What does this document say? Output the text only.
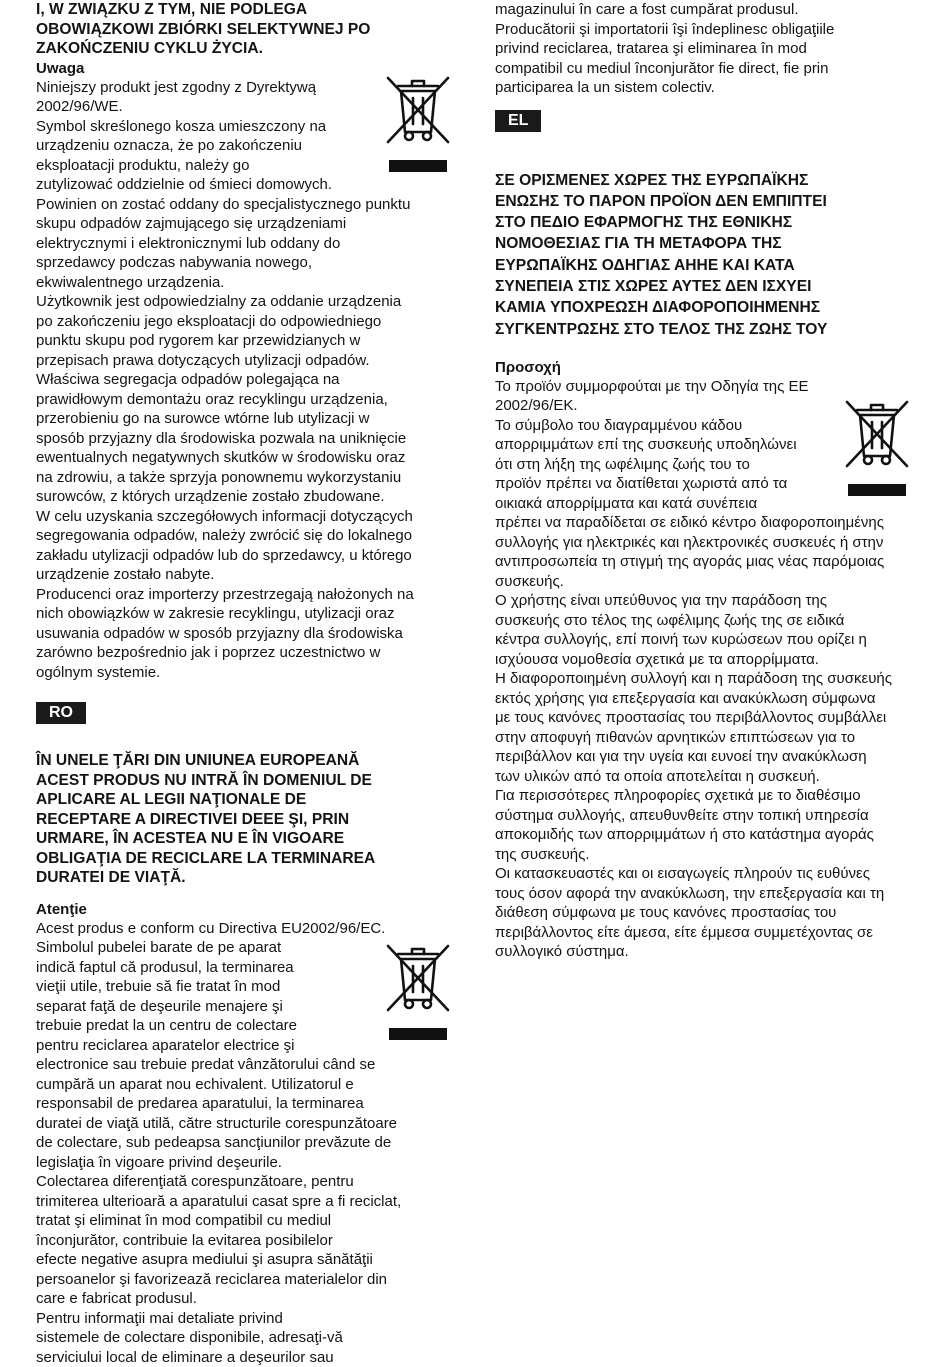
I, W ZWIĄZKU Z TYM, NIE PODLEGA

OBOWIĄZKOWI ZBIÓRKI SELEKTYWNEJ PO

ZAKOŃCZENIU CYKLU ŻYCIA.

Uwaga

Niniejszy produkt jest zgodny z Dyrektywą

2002/96/WE.

Symbol skreślonego kosza umieszczony na

urządzeniu oznacza, że po zakończeniu

eksploatacji produktu, należy go

zutylizować oddzielnie od śmieci domowych.

Powinien on zostać oddany do specjalistycznego punktu

skupu odpadów zajmującego się urządzeniami

elektrycznymi i elektronicznymi lub oddany do

sprzedawcy podczas nabywania nowego,

ekwiwalentnego urządzenia.

Użytkownik jest odpowiedzialny za oddanie urządzenia

po zakończeniu jego eksploatacji do odpowiedniego

punktu skupu pod rygorem kar przewidzianych w

przepisach prawa dotyczących utylizacji odpadów.

Właściwa segregacja odpadów polegająca na

prawidłowym demontażu oraz recyklingu urządzenia,

przerobieniu go na surowce wtórne lub utylizacji w

sposób przyjazny dla środowiska pozwala na uniknięcie

ewentualnych negatywnych skutków w środowisku oraz

na zdrowiu, a także sprzyja ponownemu wykorzystaniu

surowców, z których urządzenie zostało zbudowane.

W celu uzyskania szczegółowych informacji dotyczących

segregowania odpadów, należy zwrócić się do lokalnego

zakładu utylizacji odpadów lub do sprzedawcy, u którego

urządzenie zostało nabyte.

Producenci oraz importerzy przestrzegają nałożonych na

nich obowiązków w zakresie recyklingu, utylizacji oraz

usuwania odpadów w sposób przyjazny dla środowiska

zarówno bezpośrednio jak i poprzez uczestnictwo w

ogólnym systemie.

RO

ÎN UNELE ŢĂRI DIN UNIUNEA EUROPEANĂ

ACEST PRODUS NU INTRĂ ÎN DOMENIUL DE

APLICARE AL LEGII NAŢIONALE DE

RECEPTARE A DIRECTIVEI DEEE ŞI, PRIN

URMARE, ÎN ACESTEA NU E ÎN VIGOARE

OBLIGAŢIA DE RECICLARE LA TERMINAREA

DURATEI DE VIAŢĂ.

Atenţie

Acest produs e conform cu Directiva EU2002/96/EC.

Simbolul pubelei barate de pe aparat

indică faptul că produsul, la terminarea

vieţii utile, trebuie să fie tratat în mod

separat faţă de deşeurile menajere şi

trebuie predat la un centru de colectare

pentru reciclarea aparatelor electrice şi

electronice sau trebuie predat vânzătorului când se

cumpără un aparat nou echivalent. Utilizatorul e

responsabil de predarea aparatului, la terminarea

duratei de viaţă utilă, către structurile corespunzătoare

de colectare, sub pedeapsa sancţiunilor prevăzute de

legislaţia în vigoare privind deşeurile.

Colectarea diferenţiată corespunzătoare, pentru

trimiterea ulterioară a aparatului casat spre a fi reciclat,

tratat şi eliminat în mod compatibil cu mediul

înconjurător, contribuie la evitarea posibilelor

efecte negative asupra mediului şi asupra sănătăţii

persoanelor şi favorizează reciclarea materialelor din

care e fabricat produsul.

Pentru informaţii mai detaliate privind

sistemele de colectare disponibile, adresaţi-vă

serviciului local de eliminare a deşeurilor sau

magazinului în care a fost cumpărat produsul.

Producătorii şi importatorii îşi îndeplinesc obligaţiile

privind reciclarea, tratarea şi eliminarea în mod

compatibil cu mediul înconjurător fie direct, fie prin

participarea la un sistem colectiv.

EL

ΣΕ ΟΡΙΣΜΕΝΕΣ ΧΩΡΕΣ ΤΗΣ ΕΥΡΩΠΑΪΚΗΣ

ΕΝΩΣΗΣ ΤΟ ΠΑΡΟΝ ΠΡΟΪΟΝ ΔΕΝ ΕΜΠΙΠΤΕΙ

ΣΤΟ ΠΕΔΙΟ ΕΦΑΡΜΟΓΗΣ ΤΗΣ ΕΘΝΙΚΗΣ

ΝΟΜΟΘΕΣΙΑΣ ΓΙΑ ΤΗ ΜΕΤΑΦΟΡΑ ΤΗΣ

ΕΥΡΩΠΑΪΚΗΣ ΟΔΗΓΙΑΣ ΑΗΗΕ ΚΑΙ ΚΑΤΑ

ΣΥΝΕΠΕΙΑ ΣΤΙΣ ΧΩΡΕΣ ΑΥΤΕΣ ΔΕΝ ΙΣΧΥΕΙ

ΚΑΜΙΑ ΥΠΟΧΡΕΩΣΗ ΔΙΑΦΟΡΟΠΟΙΗΜΕΝΗΣ

ΣΥΓΚΕΝΤΡΩΣΗΣ ΣΤΟ ΤΕΛΟΣ ΤΗΣ ΖΩΗΣ ΤΟΥ

Προσοχή

Το προϊόν συμμορφούται με την Οδηγία της ΕΕ

2002/96/ΕΚ.

Το σύμβολο του διαγραμμένου κάδου

απορριμμάτων επί της συσκευής υποδηλώνει

ότι στη λήξη της ωφέλιμης ζωής του το

προϊόν πρέπει να διατίθεται χωριστά από τα

οικιακά απορρίμματα και κατά συνέπεια

πρέπει να παραδίδεται σε ειδικό κέντρο διαφοροποιημένης

συλλογής για ηλεκτρικές και ηλεκτρονικές συσκευές ή στην

αντιπροσωπεία τη στιγμή της αγοράς μιας νέας παρόμοιας

συσκευής.

Ο χρήστης είναι υπεύθυνος για την παράδοση της

συσκευής στο τέλος της ωφέλιμης ζωής της σε ειδικά

κέντρα συλλογής, επί ποινή των κυρώσεων που ορίζει η

ισχύουσα νομοθεσία σχετικά με τα απορρίμματα.

Η διαφοροποιημένη συλλογή και η παράδοση της συσκευής

εκτός χρήσης για επεξεργασία και ανακύκλωση σύμφωνα

με τους κανόνες προστασίας του περιβάλλοντος συμβάλλει

στην αποφυγή πιθανών αρνητικών επιπτώσεων για το

περιβάλλον και για την υγεία και ευνοεί την ανακύκλωση

των υλικών από τα οποία αποτελείται η συσκευή.

Για περισσότερες πληροφορίες σχετικά με το διαθέσιμο

σύστημα συλλογής, απευθυνθείτε στην τοπική υπηρεσία

αποκομιδής των απορριμμάτων ή στο κατάστημα αγοράς

της συσκευής.

Οι κατασκευαστές και οι εισαγωγείς πληρούν τις ευθύνες

τους όσον αφορά την ανακύκλωση, την επεξεργασία και τη

διάθεση σύμφωνα με τους κανόνες προστασίας του

περιβάλλοντος είτε άμεσα, είτε έμμεσα συμμετέχοντας σε

συλλογικό σύστημα.
